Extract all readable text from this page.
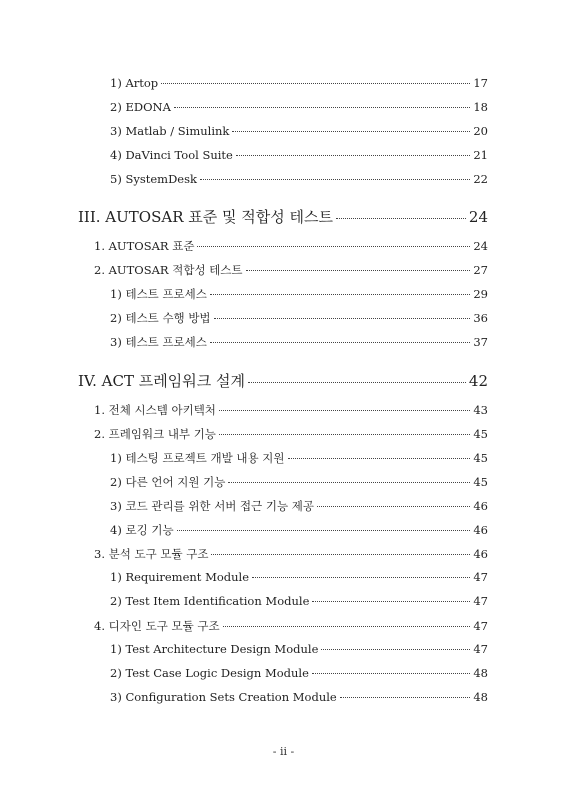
1) Artop	17
2) EDONA	18
3) Matlab / Simulink	20
4) DaVinci Tool Suite	21
5) SystemDesk	22
III. AUTOSAR 표준 및 적합성 테스트	24
1. AUTOSAR 표준	24
2. AUTOSAR 적합성 테스트	27
1) 테스트 프로세스	29
2) 테스트 수행 방법	36
3) 테스트 프로세스	37
IV. ACT 프레임워크 설계	42
1. 전체 시스템 아키텍처	43
2. 프레임워크 내부 기능	45
1) 테스팅 프로젝트 개발 내용 지원	45
2) 다른 언어 지원 기능	45
3) 코드 관리를 위한 서버 접근 기능 제공	46
4) 로깅 기능	46
3. 분석 도구 모듈 구조	46
1) Requirement Module	47
2) Test Item Identification Module	47
4. 디자인 도구 모듈 구조	47
1) Test Architecture Design Module	47
2) Test Case Logic Design Module	48
3) Configuration Sets Creation Module	48
- ii -
